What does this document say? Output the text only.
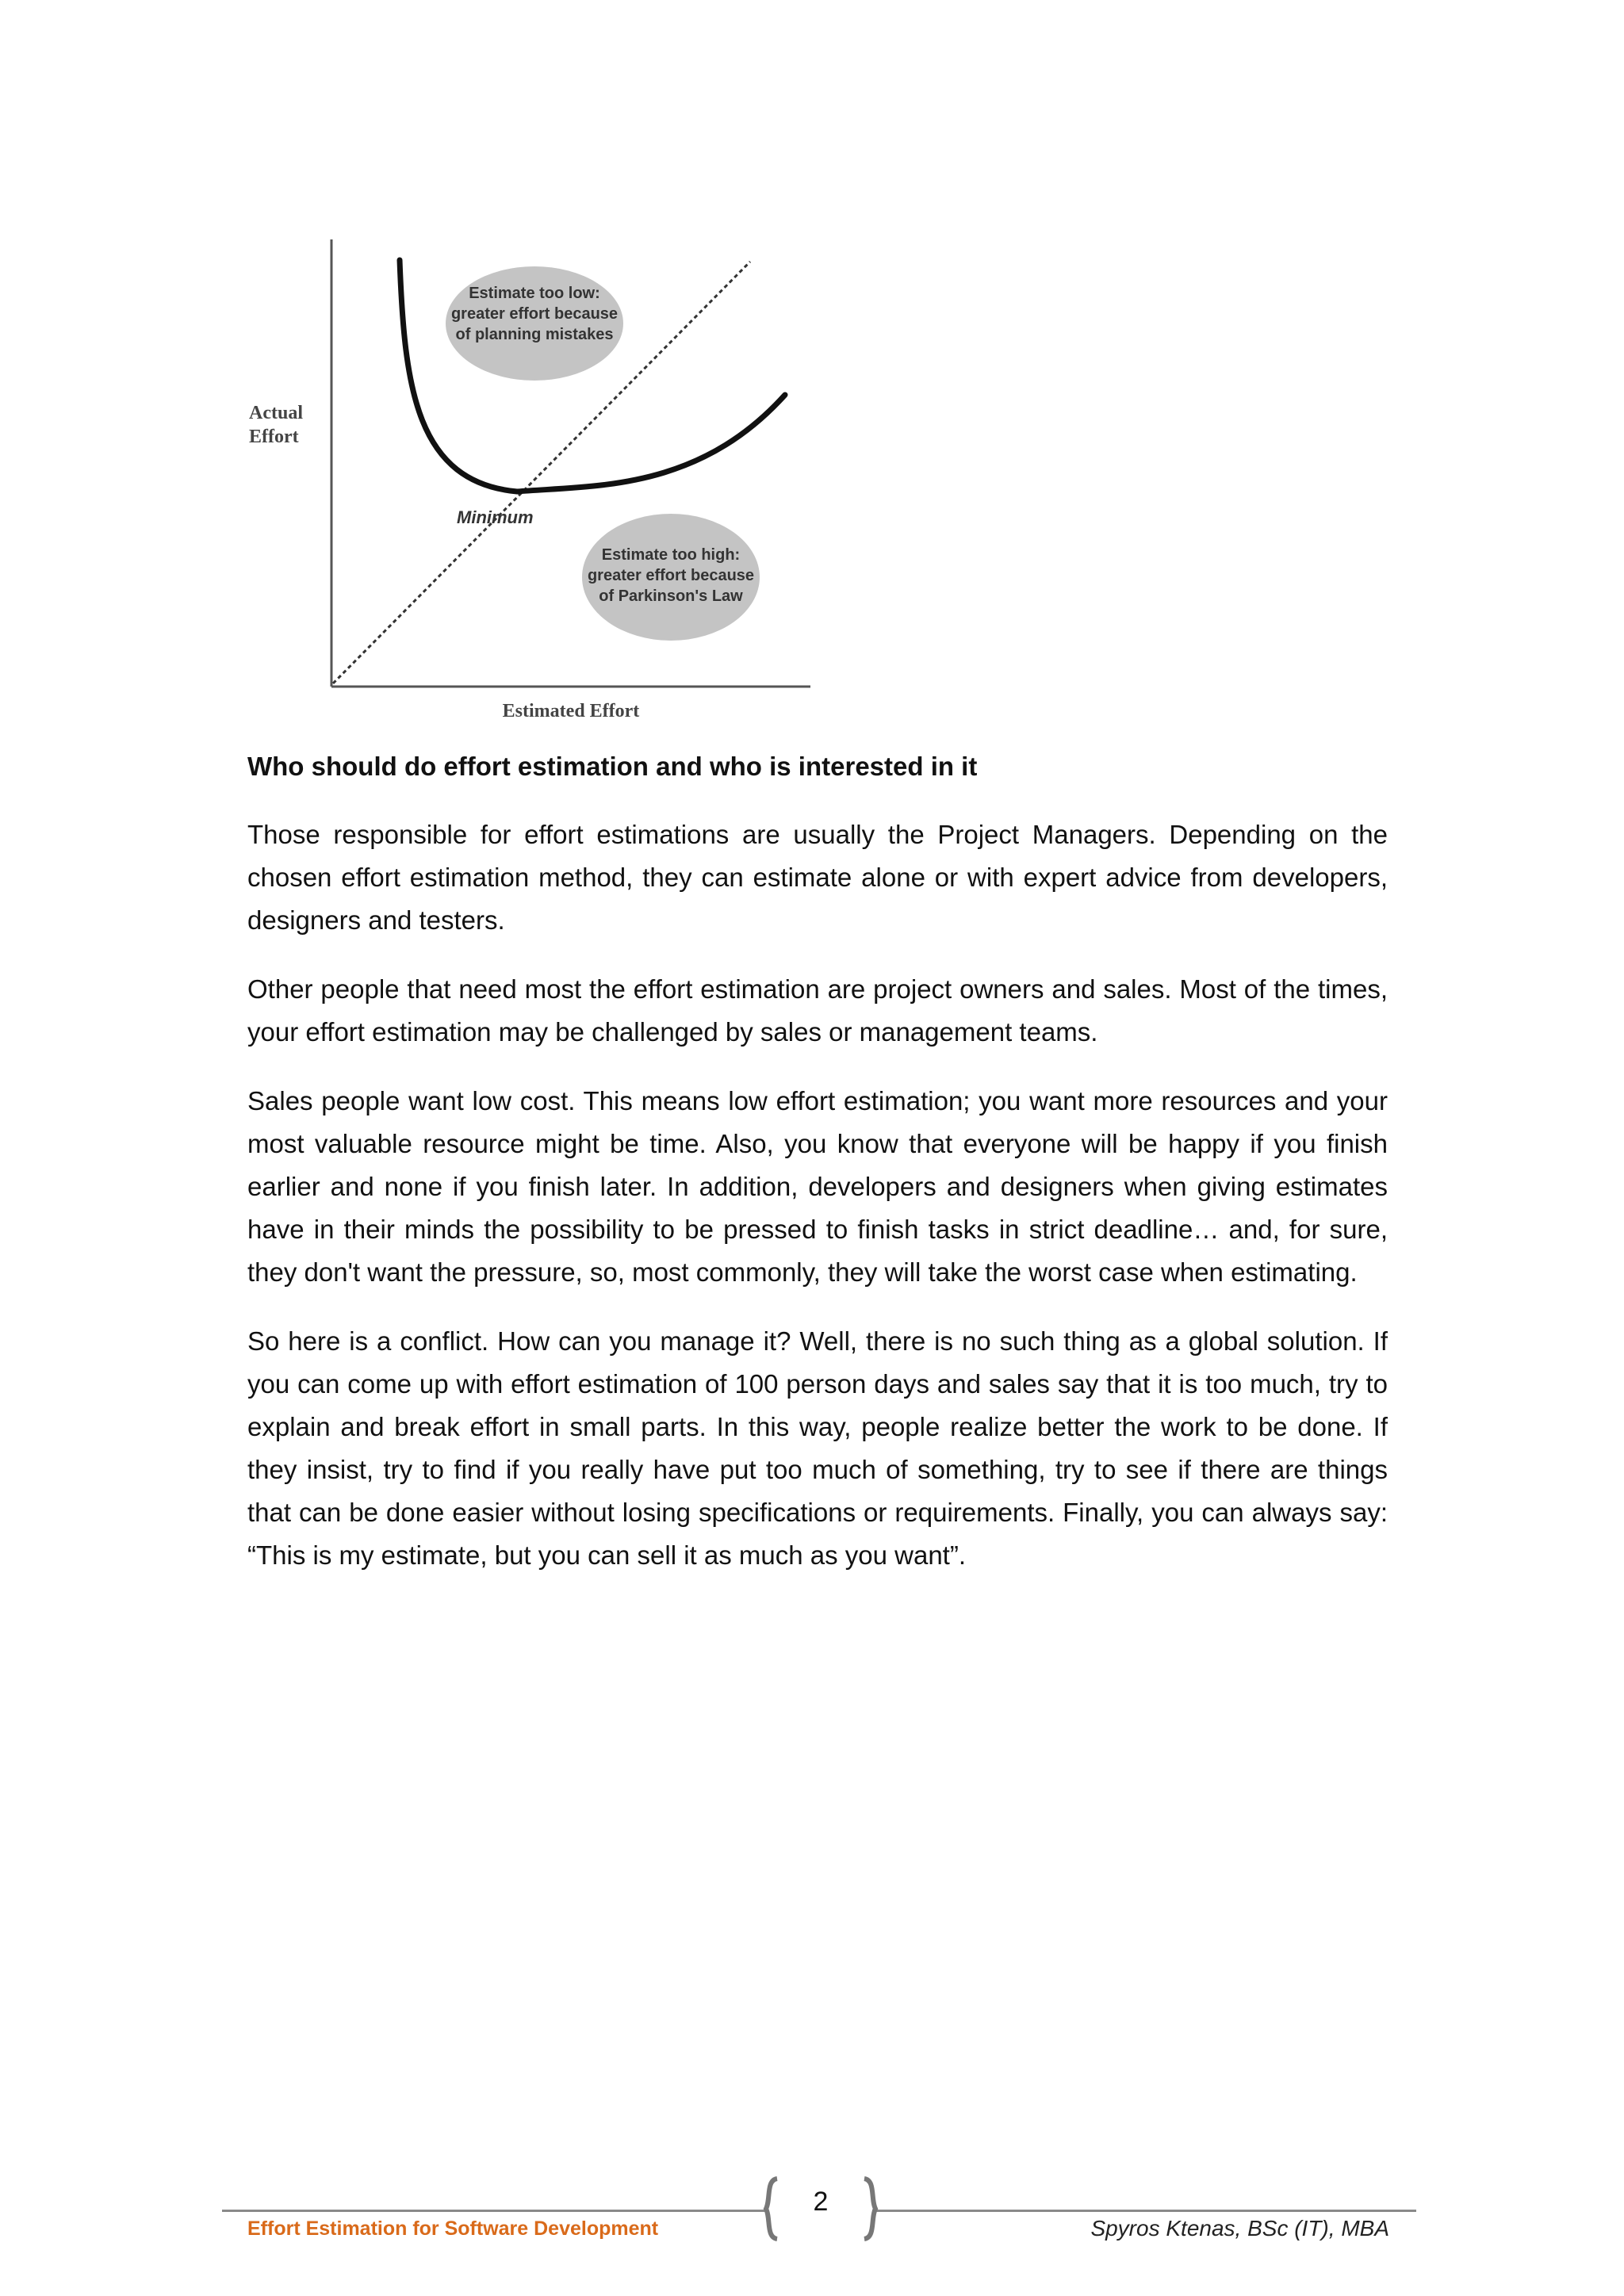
Estimate too low:
greater effort because
of planning mistakes
Estimate too high:
greater effort because
of Parkinson's Law
Minimum
Actual
Effort
Estimated Effort

Who should do effort estimation and who is interested in it

Those responsible for effort estimations are usually the Project Managers. Depending on the chosen effort estimation method, they can estimate alone or with expert advice from developers, designers and testers.

Other people that need most the effort estimation are project owners and sales. Most of the times, your effort estimation may be challenged by sales or management teams.

Sales people want low cost. This means low effort estimation; you want more resources and your most valuable resource might be time. Also, you know that everyone will be happy if you finish earlier and none if you finish later. In addition, developers and designers when giving estimates have in their minds the possibility to be pressed to finish tasks in strict deadline… and, for sure, they don't want the pressure, so, most commonly, they will take the worst case when estimating.

So here is a conflict. How can you manage it? Well, there is no such thing as a global solution. If you can come up with effort estimation of 100 person days and sales say that it is too much, try to explain and break effort in small parts. In this way, people realize better the work to be done. If they insist, try to find if you really have put too much of something, try to see if there are things that can be done easier without losing specifications or requirements. Finally, you can always say: “This is my estimate, but you can sell it as much as you want”.

2
Effort Estimation for Software Development	Spyros Ktenas, BSc (IT), MBA
